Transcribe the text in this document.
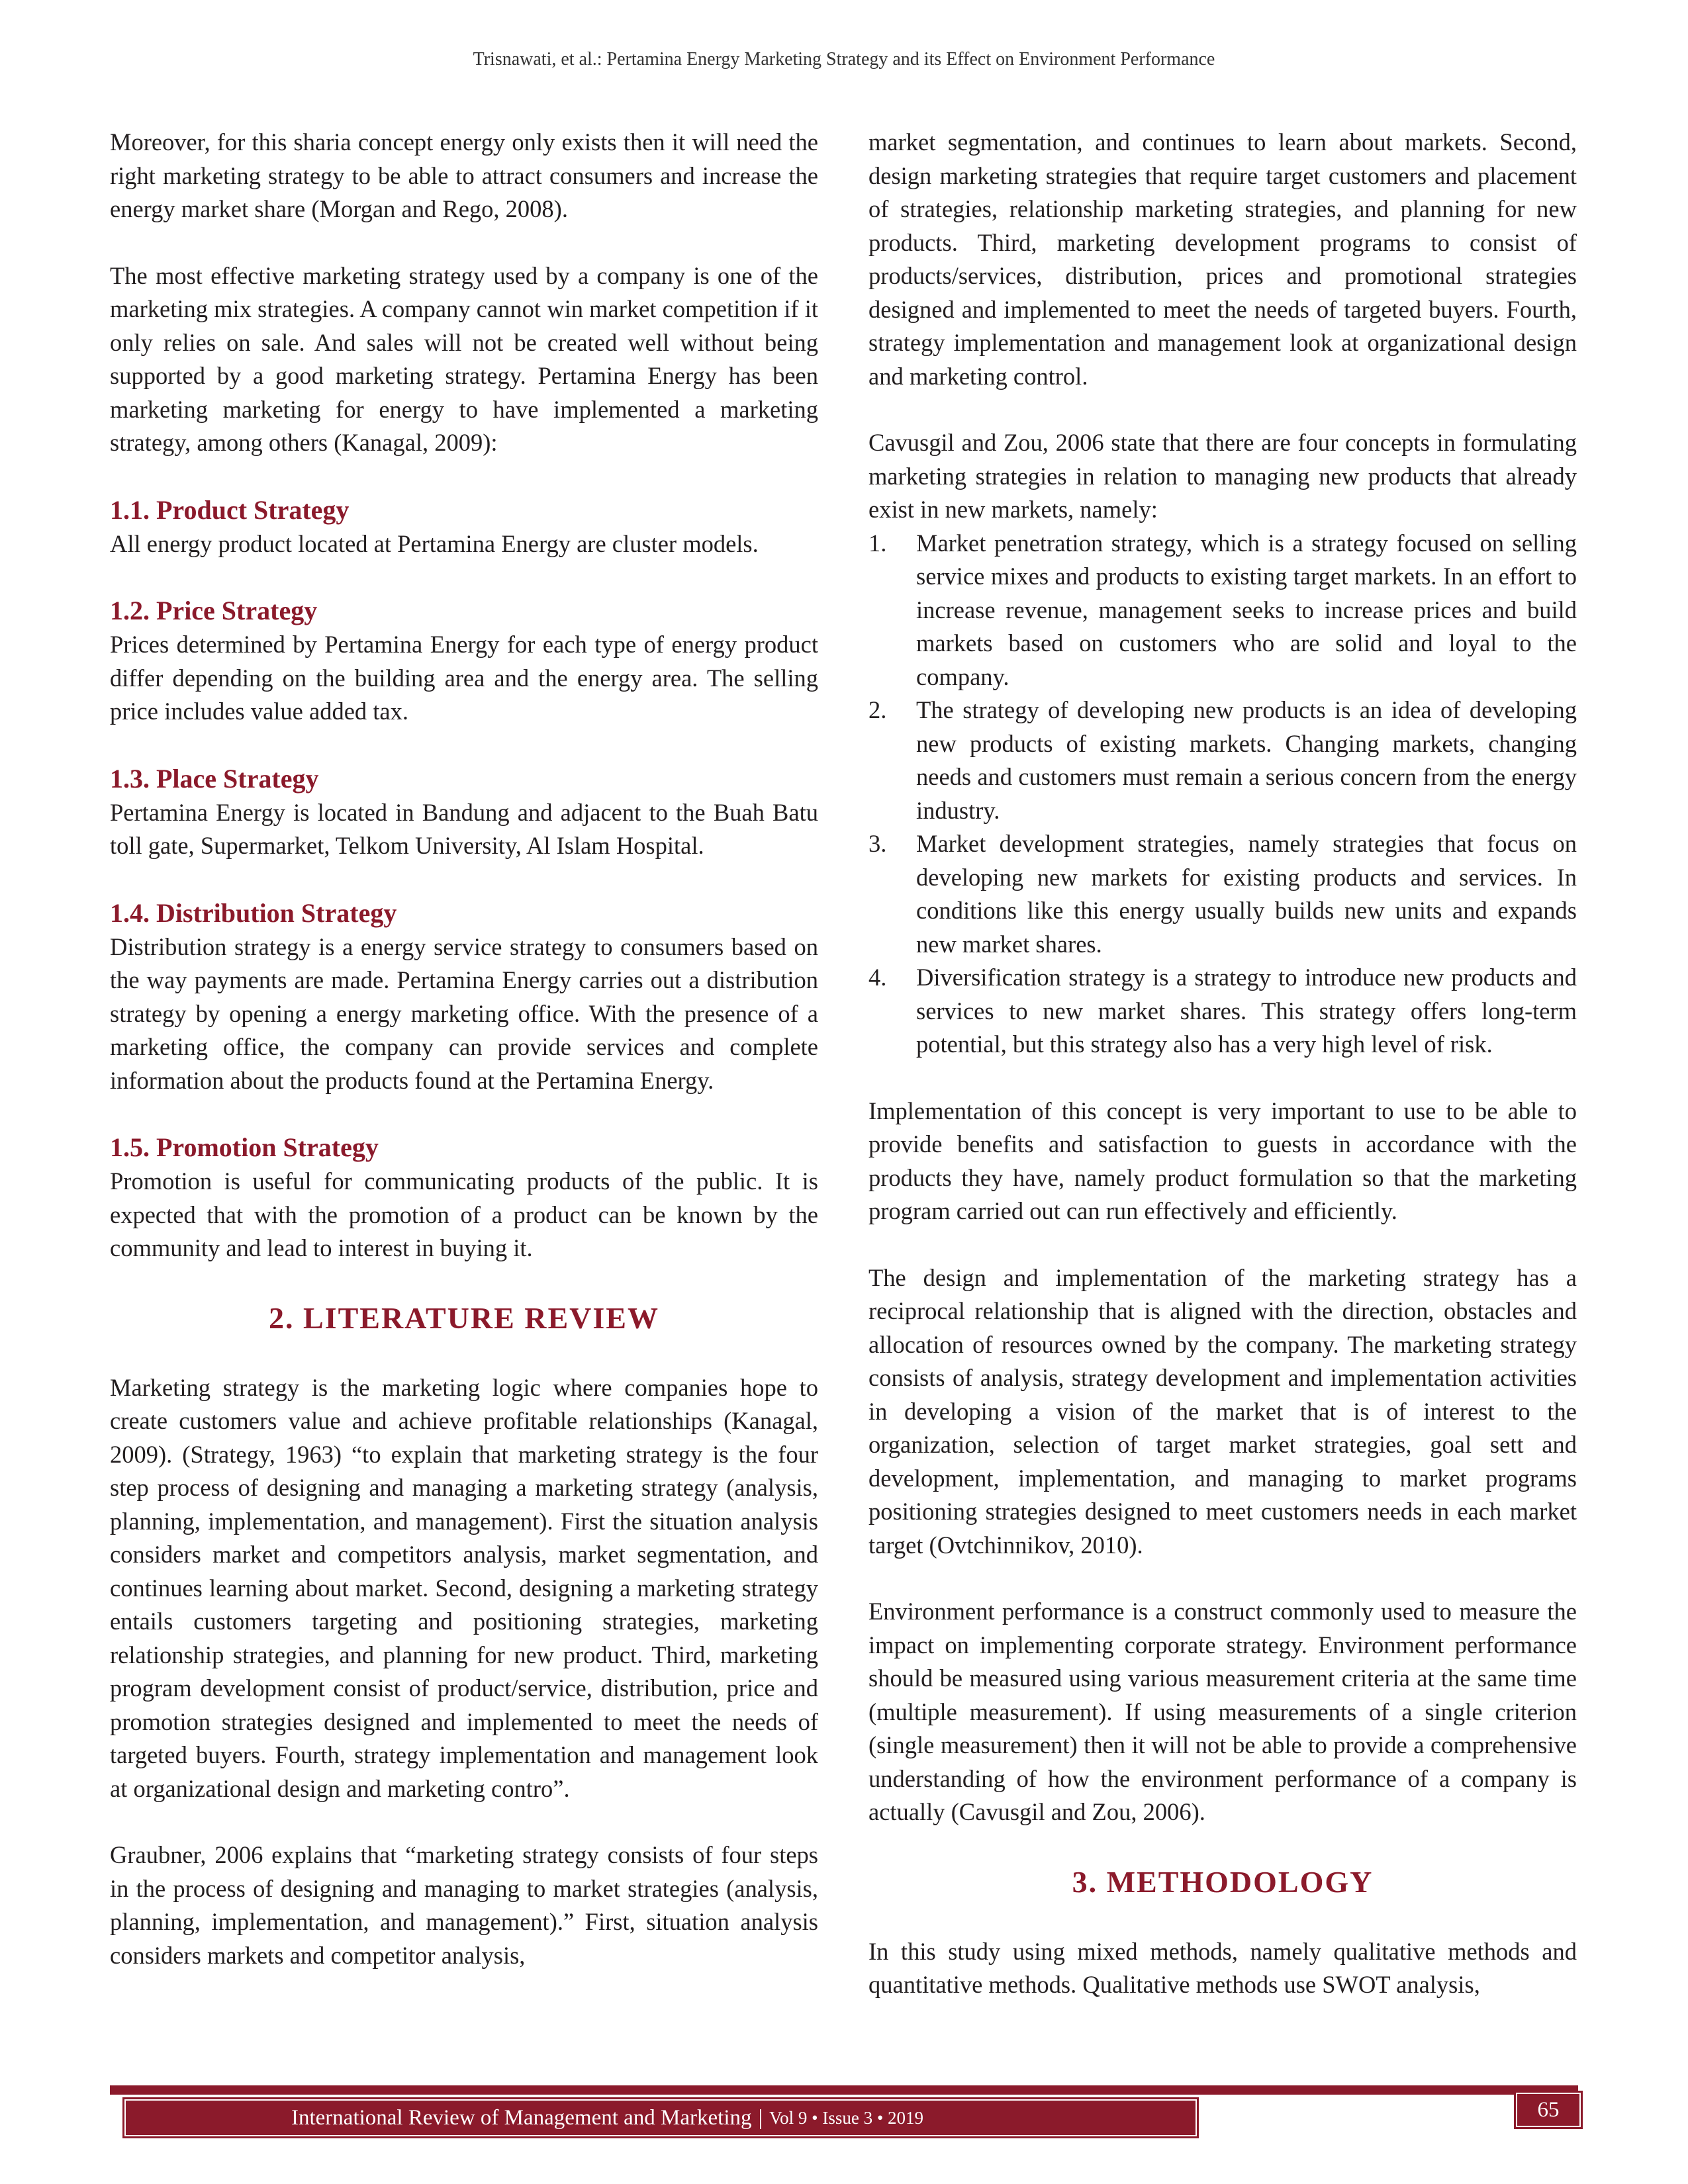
Trisnawati, et al.: Pertamina Energy Marketing Strategy and its Effect on Environment Performance

Moreover, for this sharia concept energy only exists then it will need the right marketing strategy to be able to attract consumers and increase the energy market share (Morgan and Rego, 2008).

The most effective marketing strategy used by a company is one of the marketing mix strategies. A company cannot win market competition if it only relies on sale. And sales will not be created well without being supported by a good marketing strategy. Pertamina Energy has been marketing marketing for energy to have implemented a marketing strategy, among others (Kanagal, 2009):

1.1. Product Strategy

All energy product located at Pertamina Energy are cluster models.

1.2. Price Strategy

Prices determined by Pertamina Energy for each type of energy product differ depending on the building area and the energy area. The selling price includes value added tax.

1.3. Place Strategy

Pertamina Energy is located in Bandung and adjacent to the Buah Batu toll gate, Supermarket, Telkom University, Al Islam Hospital.

1.4. Distribution Strategy

Distribution strategy is a energy service strategy to consumers based on the way payments are made. Pertamina Energy carries out a distribution strategy by opening a energy marketing office. With the presence of a marketing office, the company can provide services and complete information about the products found at the Pertamina Energy.

1.5. Promotion Strategy

Promotion is useful for communicating products of the public. It is expected that with the promotion of a product can be known by the community and lead to interest in buying it.

2. LITERATURE REVIEW

Marketing strategy is the marketing logic where companies hope to create customers value and achieve profitable relationships (Kanagal, 2009). (Strategy, 1963) “to explain that marketing strategy is the four step process of designing and managing a marketing strategy (analysis, planning, implementation, and management). First the situation analysis considers market and competitors analysis, market segmentation, and continues learning about market. Second, designing a marketing strategy entails customers targeting and positioning strategies, marketing relationship strategies, and planning for new product. Third, marketing program development consist of product/service, distribution, price and promotion strategies designed and implemented to meet the needs of targeted buyers. Fourth, strategy implementation and management look at organizational design and marketing contro”.

Graubner, 2006 explains that “marketing strategy consists of four steps in the process of designing and managing to market strategies (analysis, planning, implementation, and management).” First, situation analysis considers markets and competitor analysis,

market segmentation, and continues to learn about markets. Second, design marketing strategies that require target customers and placement of strategies, relationship marketing strategies, and planning for new products. Third, marketing development programs to consist of products/services, distribution, prices and promotional strategies designed and implemented to meet the needs of targeted buyers. Fourth, strategy implementation and management look at organizational design and marketing control.

Cavusgil and Zou, 2006 state that there are four concepts in formulating marketing strategies in relation to managing new products that already exist in new markets, namely:

1. Market penetration strategy, which is a strategy focused on selling service mixes and products to existing target markets. In an effort to increase revenue, management seeks to increase prices and build markets based on customers who are solid and loyal to the company.
2. The strategy of developing new products is an idea of developing new products of existing markets. Changing markets, changing needs and customers must remain a serious concern from the energy industry.
3. Market development strategies, namely strategies that focus on developing new markets for existing products and services. In conditions like this energy usually builds new units and expands new market shares.
4. Diversification strategy is a strategy to introduce new products and services to new market shares. This strategy offers long-term potential, but this strategy also has a very high level of risk.

Implementation of this concept is very important to use to be able to provide benefits and satisfaction to guests in accordance with the products they have, namely product formulation so that the marketing program carried out can run effectively and efficiently.

The design and implementation of the marketing strategy has a reciprocal relationship that is aligned with the direction, obstacles and allocation of resources owned by the company. The marketing strategy consists of analysis, strategy development and implementation activities in developing a vision of the market that is of interest to the organization, selection of target market strategies, goal sett and development, implementation, and managing to market programs positioning strategies designed to meet customers needs in each market target (Ovtchinnikov, 2010).

Environment performance is a construct commonly used to measure the impact on implementing corporate strategy. Environment performance should be measured using various measurement criteria at the same time (multiple measurement). If using measurements of a single criterion (single measurement) then it will not be able to provide a comprehensive understanding of how the environment performance of a company is actually (Cavusgil and Zou, 2006).

3. METHODOLOGY

In this study using mixed methods, namely qualitative methods and quantitative methods. Qualitative methods use SWOT analysis,

International Review of Management and Marketing | Vol 9 • Issue 3 • 2019	65
